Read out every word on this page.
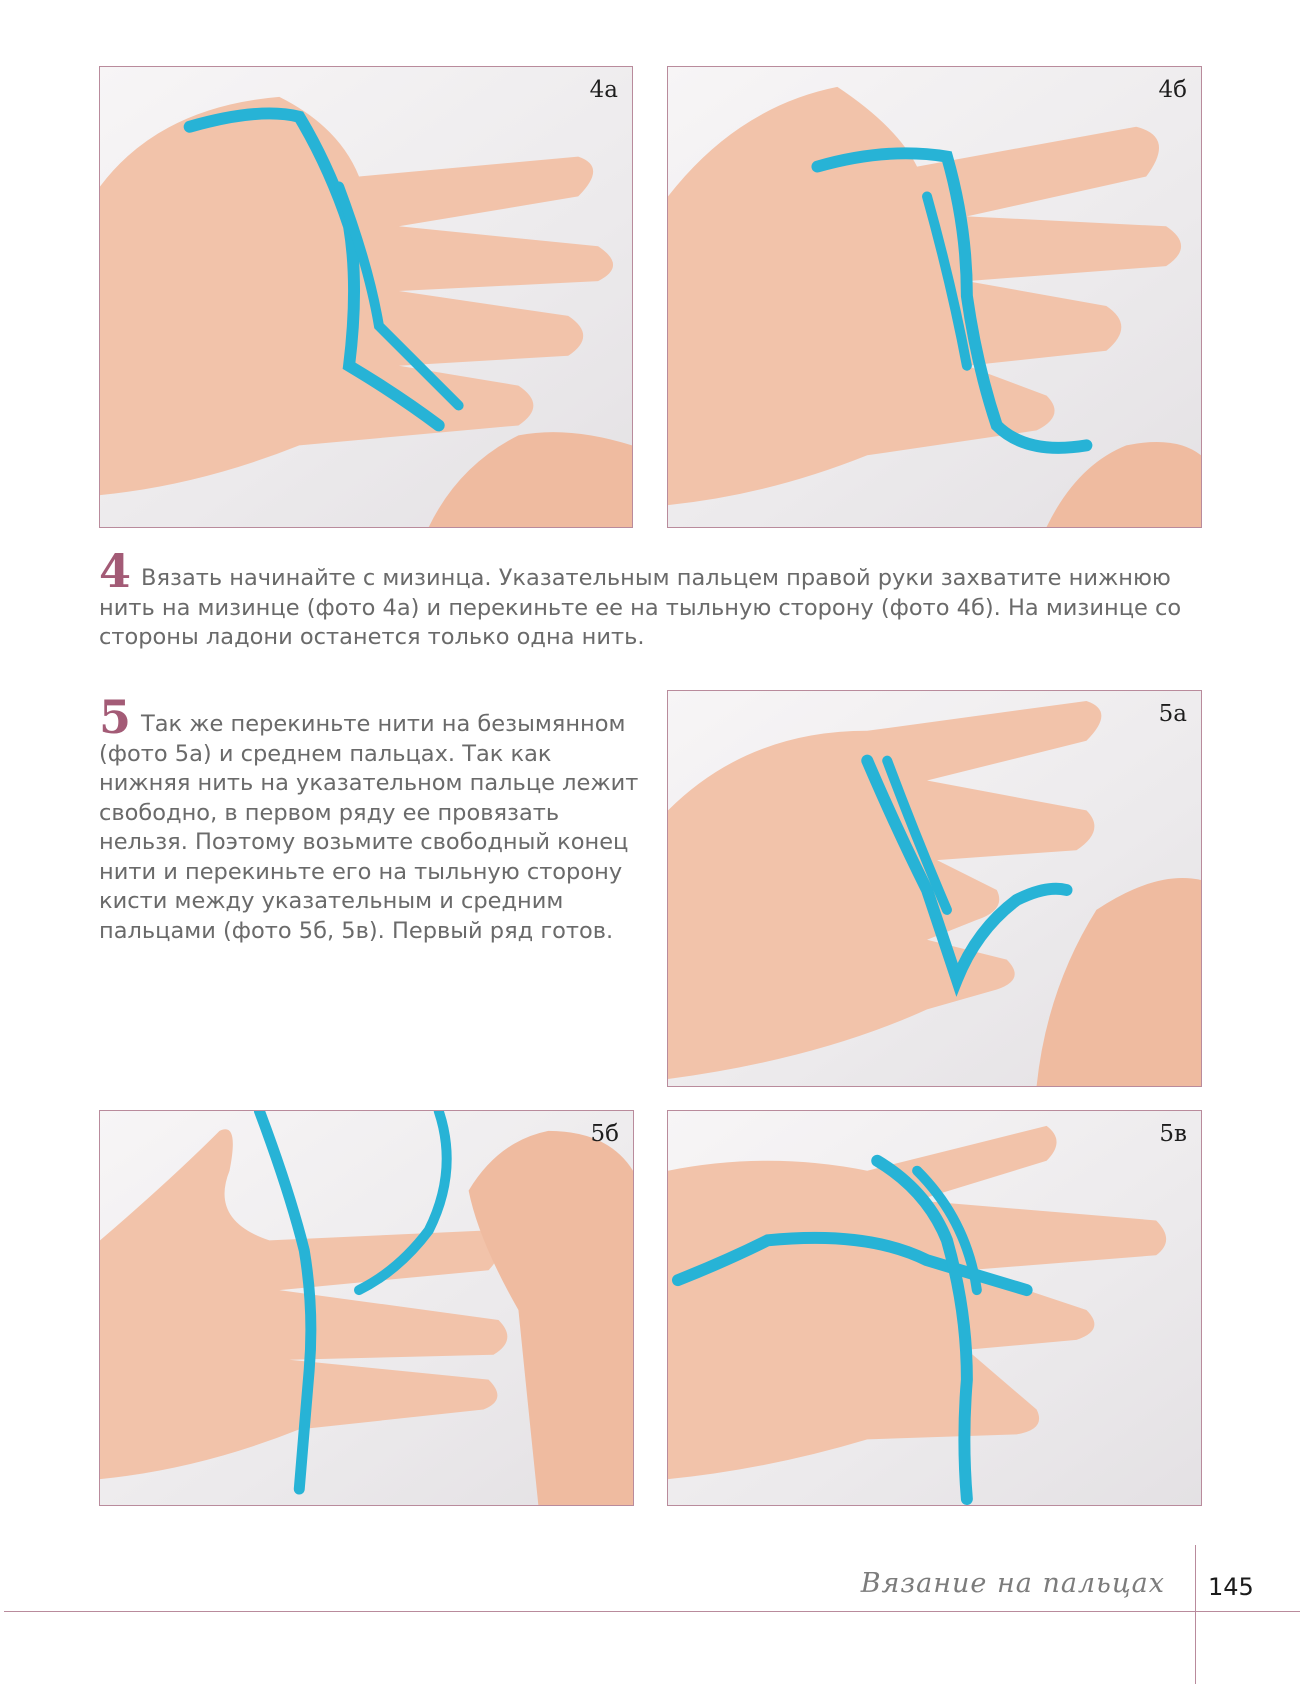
4а	4б
4 Вязать начинайте с мизинца. Указательным пальцем правой руки захватите нижнюю нить на мизинце (фото 4а) и перекиньте ее на тыльную сторону (фото 4б). На мизинце со стороны ладони останется только одна нить.
5 Так же перекиньте нити на безымянном (фото 5а) и среднем пальцах. Так как нижняя нить на указательном пальце лежит свободно, в первом ряду ее провязать нельзя. Поэтому возьмите свободный конец нити и перекиньте его на тыльную сторону кисти между указательным и средним пальцами (фото 5б, 5в). Первый ряд готов.
5а
5б	5в
Вязание на пальцах 145
